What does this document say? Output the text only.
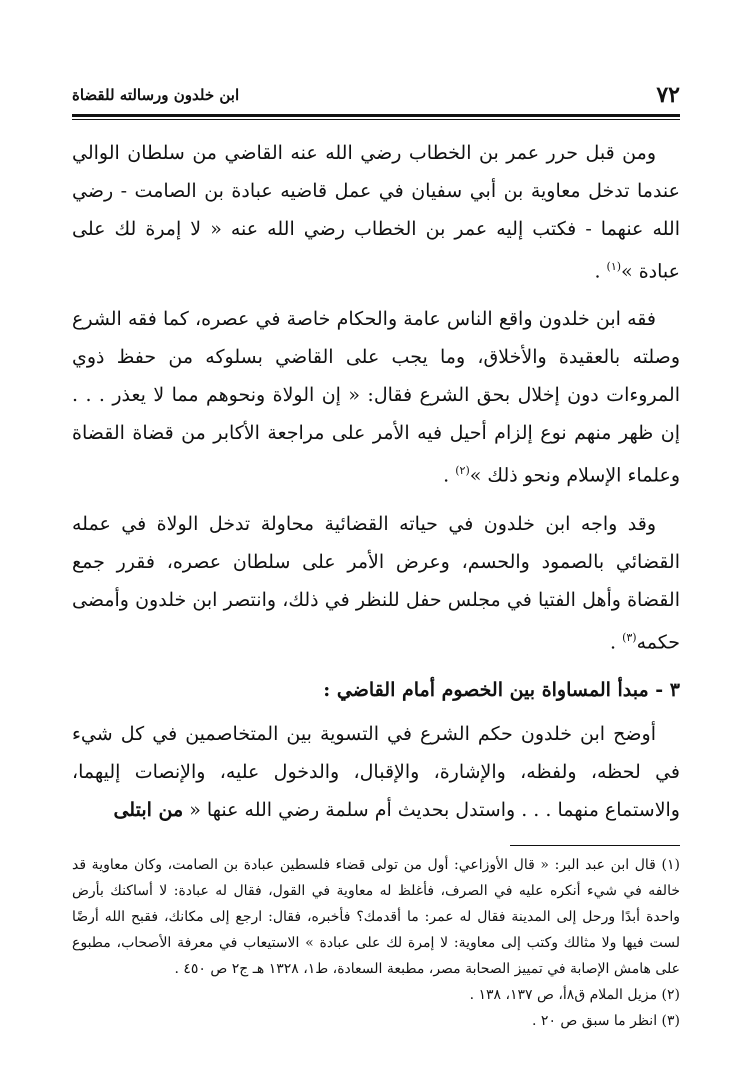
٧٢
ابن خلدون ورسالته للقضاة

ومن قبل حرر عمر بن الخطاب رضي الله عنه القاضي من سلطان الوالي عندما تدخل معاوية بن أبي سفيان في عمل قاضيه عبادة بن الصامت - رضي الله عنهما - فكتب إليه عمر بن الخطاب رضي الله عنه « لا إمرة لك على عبادة »$^{(١)}$ .

فقه ابن خلدون واقع الناس عامة والحكام خاصة في عصره، كما فقه الشرع وصلته بالعقيدة والأخلاق، وما يجب على القاضي بسلوكه من حفظ ذوي المروءات دون إخلال بحق الشرع فقال: « إن الولاة ونحوهم مما لا يعذر . . . إن ظهر منهم نوع إلزام أحيل فيه الأمر على مراجعة الأكابر من قضاة القضاة وعلماء الإسلام ونحو ذلك »$^{(٢)}$ .

وقد واجه ابن خلدون في حياته القضائية محاولة تدخل الولاة في عمله القضائي بالصمود والحسم، وعرض الأمر على سلطان عصره، فقرر جمع القضاة وأهل الفتيا في مجلس حفل للنظر في ذلك، وانتصر ابن خلدون وأمضى حكمه$^{(٣)}$ .

٣ - مبدأ المساواة بين الخصوم أمام القاضي :

أوضح ابن خلدون حكم الشرع في التسوية بين المتخاصمين في كل شيء في لحظه، ولفظه، والإشارة، والإقبال، والدخول عليه، والإنصات إليهما، والاستماع منهما . . . واستدل بحديث أم سلمة رضي الله عنها « من ابتلى

(١) قال ابن عبد البر: « قال الأوزاعي: أول من تولى قضاء فلسطين عبادة بن الصامت، وكان معاوية قد خالفه في شيء أنكره عليه في الصرف، فأغلظ له معاوية في القول، فقال له عبادة: لا أساكنك بأرض واحدة أبدًا ورحل إلى المدينة فقال له عمر: ما أقدمك؟ فأخبره، فقال: ارجع إلى مكانك، فقبح الله أرضًا لست فيها ولا مثالك وكتب إلى معاوية: لا إمرة لك على عبادة » الاستيعاب في معرفة الأصحاب، مطبوع على هامش الإصابة في تمييز الصحابة مصر، مطبعة السعادة، ط١، ١٣٢٨ هـ ج٢ ص ٤٥٠ .

(٢) مزيل الملام ق٨أ، ص ١٣٧، ١٣٨ .

(٣) انظر ما سبق ص ٢٠ .
